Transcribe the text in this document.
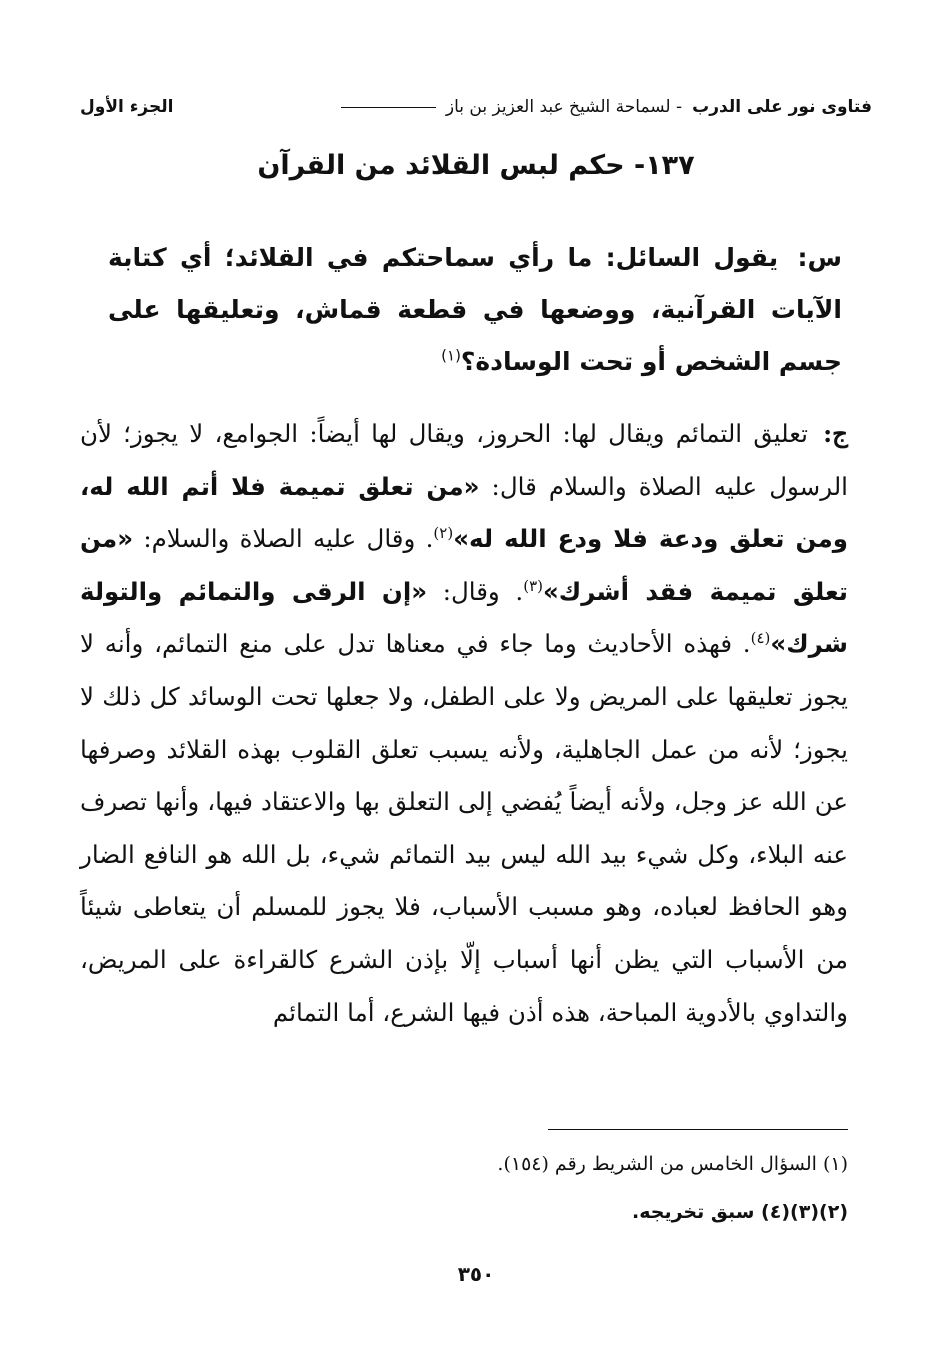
فتاوى نور على الدرب
- لسماحة الشيخ عبد العزيز بن باز
الجزء الأول
١٣٧- حكم لبس القلائد من القرآن
س: يقول السائل: ما رأي سماحتكم في القلائد؛ أي كتابة الآيات القرآنية، ووضعها في قطعة قماش، وتعليقها على جسم الشخص أو تحت الوسادة؟$^{(١)}$

ج: تعليق التمائم ويقال لها: الحروز، ويقال لها أيضاً: الجوامع، لا يجوز؛ لأن الرسول عليه الصلاة والسلام قال: «من تعلق تميمة فلا أتم الله له، ومن تعلق ودعة فلا ودع الله له»$^{(٢)}$. وقال عليه الصلاة والسلام: «من تعلق تميمة فقد أشرك»$^{(٣)}$. وقال: «إن الرقى والتمائم والتولة شرك»$^{(٤)}$. فهذه الأحاديث وما جاء في معناها تدل على منع التمائم، وأنه لا يجوز تعليقها على المريض ولا على الطفل، ولا جعلها تحت الوسائد كل ذلك لا يجوز؛ لأنه من عمل الجاهلية، ولأنه يسبب تعلق القلوب بهذه القلائد وصرفها عن الله عز وجل، ولأنه أيضاً يُفضي إلى التعلق بها والاعتقاد فيها، وأنها تصرف عنه البلاء، وكل شيء بيد الله ليس بيد التمائم شيء، بل الله هو النافع الضار وهو الحافظ لعباده، وهو مسبب الأسباب، فلا يجوز للمسلم أن يتعاطى شيئاً من الأسباب التي يظن أنها أسباب إلّا بإذن الشرع كالقراءة على المريض، والتداوي بالأدوية المباحة، هذه أذن فيها الشرع، أما التمائم

(١) السؤال الخامس من الشريط رقم (١٥٤).
(٢)(٣)(٤) سبق تخريجه.
٣٥٠
